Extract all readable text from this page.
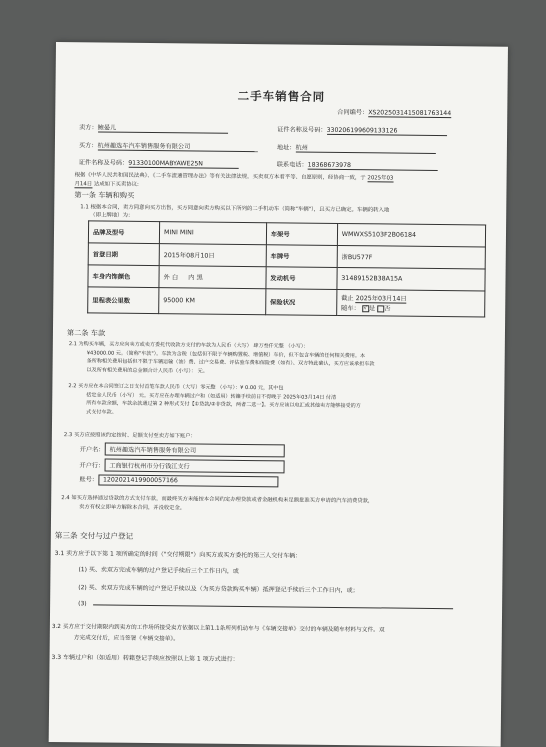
二手车销售合同
合同编号：XS2025031415081763144
卖方：鲍晏儿	证件名称及号码：330206199609133126
买方：杭州趣选车汽车销售服务有限公司	地址：杭州
证件名称及号码：91330100MABYAWE25N	联系电话：18368673978
根据《中华人民共和国民法典》、《二手车流通管理办法》等有关法律法规，买卖双方本着平等、自愿原则，经协商一致，于 2025年03
月14日 达成如下买卖协议:
第一条 车辆和购买
1.1 根据本合同，卖方同意向买方出售，买方同意向卖方购买以下所列的二手机动车（简称"车辆"），且买方已确定。车辆的转入地
（即上牌地）为：
品牌及型号	MINI MINI	车架号	WMWXS5103F2B06184
首登日期	2015年08月10日	车牌号	浙BU577F
车身内饰颜色	外 白 内 黑	发动机号	31489152B38A15A
里程表公里数	95000 KM	保险状况	截止 2025年03月14日
随车： √ 是 否
第二条 车款
2.1 为购买车辆，买方应向卖方或卖方委托代收款方支付的车款为人民币（大写） 肆万叁仟元整 （小写）：
¥43000.00 元。（简称"车款"）。车款为含税（包括但不限于车辆购置税、增值税）车价，但不包含车辆的任何相关费用。本
条所称相关费用包括但不限于车辆运输（油）费、过户交易费、评估验车费和保险费（如有）、双方特此确认，买方应该承担车款
以及所有相关费用的总金额合计人民币（小写）： 元。
2.2 买方应在本合同签订之日支付首笔车款人民币（大写）零元整 （小写）：¥ 0.00 元，其中包
括定金人民币（小写） 元。买方应在办理车辆过户和（如适用）转籍手续前日不得晚于 2025年03月14日 付清
所有车款余额，车款余款通过第 2 种形式支付【①贷款/②非贷款，两者二选一】。买方应该以电汇或其他卖方能够接受的方
式支付车款。
2.3 买方应按照该约定按时、足额支付至卖方如下账户：
开户名： 杭州趣选汽车销售服务有限公司
开户行： 工商银行杭州市分行钱江支行
账号： 1202021419900057166
2.4 如买方选择通过贷款的方式支付车款，而最终买方未能按本合同约定办理贷款或者金融机构未足额批准买方申请的汽车消费贷款，
卖方有权立即单方解除本合同，并没收定金。
第三条 交付与过户登记
3.1 卖方应于以下第 1 项所确定的时间（"交付期限"）向买方或买方委托的第三人交付车辆：
(1) 买、卖双方完成车辆的过户登记手续后三个工作日内，或
(2) 买、卖双方完成车辆的过户登记手续以及（为买方贷款购买车辆）抵押登记手续后三个工作日内，或；
(3)
3.2 买方应于交付期限内到卖方的工作场所接受卖方依据以上第1.1条所列机动车与《车辆交接单》交付的车辆及随车材料与文件。双
方完成交付后，应当签署《车辆交接单》。
3.3 车辆过户和（如适用）转籍登记手续应按照以上第 1 项方式进行：
